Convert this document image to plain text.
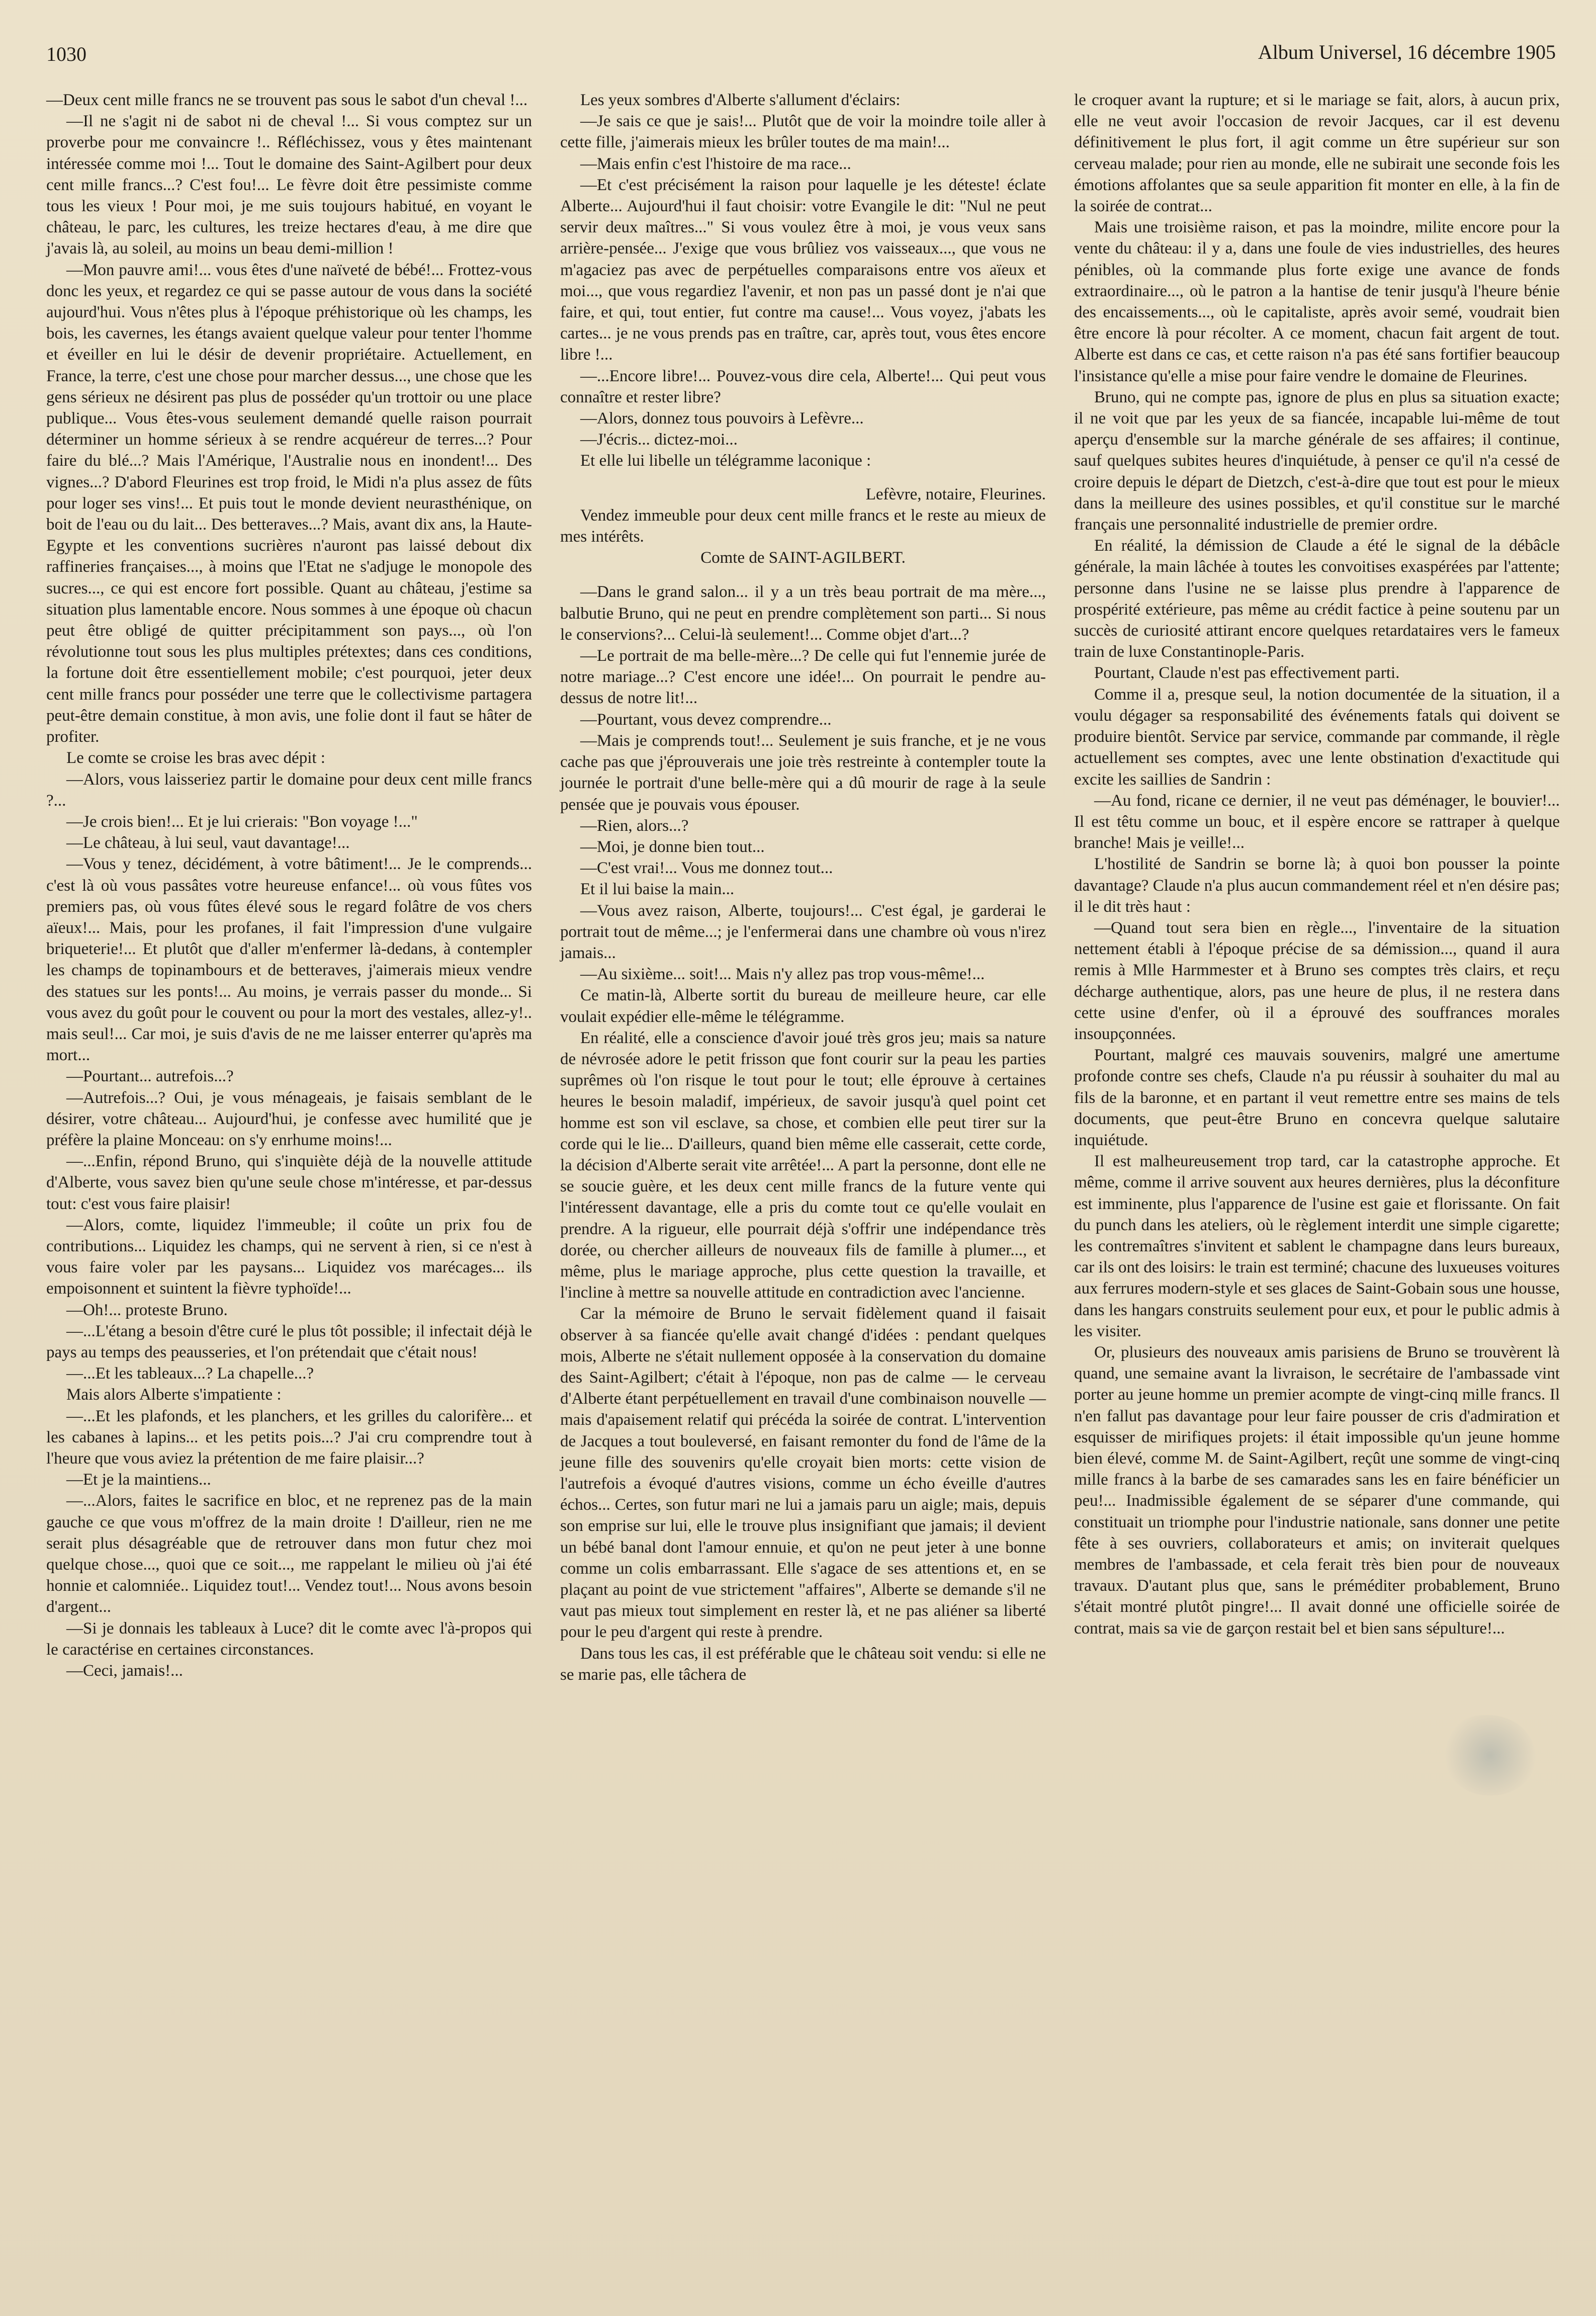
1030	Album Universel, 16 décembre 1905

—Deux cent mille francs ne se trouvent pas sous le sabot d'un cheval !...

—Il ne s'agit ni de sabot ni de cheval !... Si vous comptez sur un proverbe pour me convaincre !.. Réfléchissez, vous y êtes maintenant intéressée comme moi !... Tout le domaine des Saint-Agilbert pour deux cent mille francs...? C'est fou!... Le fèvre doit être pessimiste comme tous les vieux ! Pour moi, je me suis toujours habitué, en voyant le château, le parc, les cultures, les treize hectares d'eau, à me dire que j'avais là, au soleil, au moins un beau demi-million !

—Mon pauvre ami!... vous êtes d'une naïveté de bébé!... Frottez-vous donc les yeux, et regardez ce qui se passe autour de vous dans la société aujourd'hui. Vous n'êtes plus à l'époque préhistorique où les champs, les bois, les cavernes, les étangs avaient quelque valeur pour tenter l'homme et éveiller en lui le désir de devenir propriétaire. Actuellement, en France, la terre, c'est une chose pour marcher dessus..., une chose que les gens sérieux ne désirent pas plus de posséder qu'un trottoir ou une place publique... Vous êtes-vous seulement demandé quelle raison pourrait déterminer un homme sérieux à se rendre acquéreur de terres...? Pour faire du blé...? Mais l'Amérique, l'Australie nous en inondent!... Des vignes...? D'abord Fleurines est trop froid, le Midi n'a plus assez de fûts pour loger ses vins!... Et puis tout le monde devient neurasthénique, on boit de l'eau ou du lait... Des betteraves...? Mais, avant dix ans, la Haute-Egypte et les conventions sucrières n'auront pas laissé debout dix raffineries françaises..., à moins que l'Etat ne s'adjuge le monopole des sucres..., ce qui est encore fort possible. Quant au château, j'estime sa situation plus lamentable encore. Nous sommes à une époque où chacun peut être obligé de quitter précipitamment son pays..., où l'on révolutionne tout sous les plus multiples prétextes; dans ces conditions, la fortune doit être essentiellement mobile; c'est pourquoi, jeter deux cent mille francs pour posséder une terre que le collectivisme partagera peut-être demain constitue, à mon avis, une folie dont il faut se hâter de profiter.

Le comte se croise les bras avec dépit :

—Alors, vous laisseriez partir le domaine pour deux cent mille francs ?...

—Je crois bien!... Et je lui crierais: "Bon voyage !..."

—Le château, à lui seul, vaut davantage!...

—Vous y tenez, décidément, à votre bâtiment!... Je le comprends... c'est là où vous passâtes votre heureuse enfance!... où vous fûtes vos premiers pas, où vous fûtes élevé sous le regard folâtre de vos chers aïeux!... Mais, pour les profanes, il fait l'impression d'une vulgaire briqueterie!... Et plutôt que d'aller m'enfermer là-dedans, à contempler les champs de topinambours et de betteraves, j'aimerais mieux vendre des statues sur les ponts!... Au moins, je verrais passer du monde... Si vous avez du goût pour le couvent ou pour la mort des vestales, allez-y!.. mais seul!... Car moi, je suis d'avis de ne me laisser enterrer qu'après ma mort...

—Pourtant... autrefois...?

—Autrefois...? Oui, je vous ménageais, je faisais semblant de le désirer, votre château... Aujourd'hui, je confesse avec humilité que je préfère la plaine Monceau: on s'y enrhume moins!...

—...Enfin, répond Bruno, qui s'inquiète déjà de la nouvelle attitude d'Alberte, vous savez bien qu'une seule chose m'intéresse, et par-dessus tout: c'est vous faire plaisir!

—Alors, comte, liquidez l'immeuble; il coûte un prix fou de contributions... Liquidez les champs, qui ne servent à rien, si ce n'est à vous faire voler par les paysans... Liquidez vos marécages... ils empoisonnent et suintent la fièvre typhoïde!...

—Oh!... proteste Bruno.

—...L'étang a besoin d'être curé le plus tôt possible; il infectait déjà le pays au temps des peausseries, et l'on prétendait que c'était nous!

—...Et les tableaux...? La chapelle...?

Mais alors Alberte s'impatiente :

—...Et les plafonds, et les planchers, et les grilles du calorifère... et les cabanes à lapins... et les petits pois...? J'ai cru comprendre tout à l'heure que vous aviez la prétention de me faire plaisir...?

—Et je la maintiens...

—...Alors, faites le sacrifice en bloc, et ne reprenez pas de la main gauche ce que vous m'offrez de la main droite ! D'ailleur, rien ne me serait plus désagréable que de retrouver dans mon futur chez moi quelque chose..., quoi que ce soit..., me rappelant le milieu où j'ai été honnie et calomniée.. Liquidez tout!... Vendez tout!... Nous avons besoin d'argent...

—Si je donnais les tableaux à Luce? dit le comte avec l'à-propos qui le caractérise en certaines circonstances.

—Ceci, jamais!...

Les yeux sombres d'Alberte s'allument d'éclairs:

—Je sais ce que je sais!... Plutôt que de voir la moindre toile aller à cette fille, j'aimerais mieux les brûler toutes de ma main!...

—Mais enfin c'est l'histoire de ma race...

—Et c'est précisément la raison pour laquelle je les déteste! éclate Alberte... Aujourd'hui il faut choisir: votre Evangile le dit: "Nul ne peut servir deux maîtres..." Si vous voulez être à moi, je vous veux sans arrière-pensée... J'exige que vous brûliez vos vaisseaux..., que vous ne m'agaciez pas avec de perpétuelles comparaisons entre vos aïeux et moi..., que vous regardiez l'avenir, et non pas un passé dont je n'ai que faire, et qui, tout entier, fut contre ma cause!... Vous voyez, j'abats les cartes... je ne vous prends pas en traître, car, après tout, vous êtes encore libre !...

—...Encore libre!... Pouvez-vous dire cela, Alberte!... Qui peut vous connaître et rester libre?

—Alors, donnez tous pouvoirs à Lefèvre...

—J'écris... dictez-moi...

Et elle lui libelle un télégramme laconique :

Lefèvre, notaire, Fleurines.

Vendez immeuble pour deux cent mille francs et le reste au mieux de mes intérêts.

Comte de SAINT-AGILBERT.

—Dans le grand salon... il y a un très beau portrait de ma mère..., balbutie Bruno, qui ne peut en prendre complètement son parti... Si nous le conservions?... Celui-là seulement!... Comme objet d'art...?

—Le portrait de ma belle-mère...? De celle qui fut l'ennemie jurée de notre mariage...? C'est encore une idée!... On pourrait le pendre au-dessus de notre lit!...

—Pourtant, vous devez comprendre...

—Mais je comprends tout!... Seulement je suis franche, et je ne vous cache pas que j'éprouverais une joie très restreinte à contempler toute la journée le portrait d'une belle-mère qui a dû mourir de rage à la seule pensée que je pouvais vous épouser.

—Rien, alors...?

—Moi, je donne bien tout...

—C'est vrai!... Vous me donnez tout...

Et il lui baise la main...

—Vous avez raison, Alberte, toujours!... C'est égal, je garderai le portrait tout de même...; je l'enfermerai dans une chambre où vous n'irez jamais...

—Au sixième... soit!... Mais n'y allez pas trop vous-même!...

Ce matin-là, Alberte sortit du bureau de meilleure heure, car elle voulait expédier elle-même le télégramme.

En réalité, elle a conscience d'avoir joué très gros jeu; mais sa nature de névrosée adore le petit frisson que font courir sur la peau les parties suprêmes où l'on risque le tout pour le tout; elle éprouve à certaines heures le besoin maladif, impérieux, de savoir jusqu'à quel point cet homme est son vil esclave, sa chose, et combien elle peut tirer sur la corde qui le lie... D'ailleurs, quand bien même elle casserait, cette corde, la décision d'Alberte serait vite arrêtée!... A part la personne, dont elle ne se soucie guère, et les deux cent mille francs de la future vente qui l'intéressent davantage, elle a pris du comte tout ce qu'elle voulait en prendre. A la rigueur, elle pourrait déjà s'offrir une indépendance très dorée, ou chercher ailleurs de nouveaux fils de famille à plumer..., et même, plus le mariage approche, plus cette question la travaille, et l'incline à mettre sa nouvelle attitude en contradiction avec l'ancienne.

Car la mémoire de Bruno le servait fidèlement quand il faisait observer à sa fiancée qu'elle avait changé d'idées : pendant quelques mois, Alberte ne s'était nullement opposée à la conservation du domaine des Saint-Agilbert; c'était à l'époque, non pas de calme — le cerveau d'Alberte étant perpétuellement en travail d'une combinaison nouvelle — mais d'apaisement relatif qui précéda la soirée de contrat. L'intervention de Jacques a tout bouleversé, en faisant remonter du fond de l'âme de la jeune fille des souvenirs qu'elle croyait bien morts: cette vision de l'autrefois a évoqué d'autres visions, comme un écho éveille d'autres échos... Certes, son futur mari ne lui a jamais paru un aigle; mais, depuis son emprise sur lui, elle le trouve plus insignifiant que jamais; il devient un bébé banal dont l'amour ennuie, et qu'on ne peut jeter à une bonne comme un colis embarrassant. Elle s'agace de ses attentions et, en se plaçant au point de vue strictement "affaires", Alberte se demande s'il ne vaut pas mieux tout simplement en rester là, et ne pas aliéner sa liberté pour le peu d'argent qui reste à prendre.

Dans tous les cas, il est préférable que le château soit vendu: si elle ne se marie pas, elle tâchera de

le croquer avant la rupture; et si le mariage se fait, alors, à aucun prix, elle ne veut avoir l'occasion de revoir Jacques, car il est devenu définitivement le plus fort, il agit comme un être supérieur sur son cerveau malade; pour rien au monde, elle ne subirait une seconde fois les émotions affolantes que sa seule apparition fit monter en elle, à la fin de la soirée de contrat...

Mais une troisième raison, et pas la moindre, milite encore pour la vente du château: il y a, dans une foule de vies industrielles, des heures pénibles, où la commande plus forte exige une avance de fonds extraordinaire..., où le patron a la hantise de tenir jusqu'à l'heure bénie des encaissements..., où le capitaliste, après avoir semé, voudrait bien être encore là pour récolter. A ce moment, chacun fait argent de tout. Alberte est dans ce cas, et cette raison n'a pas été sans fortifier beaucoup l'insistance qu'elle a mise pour faire vendre le domaine de Fleurines.

Bruno, qui ne compte pas, ignore de plus en plus sa situation exacte; il ne voit que par les yeux de sa fiancée, incapable lui-même de tout aperçu d'ensemble sur la marche générale de ses affaires; il continue, sauf quelques subites heures d'inquiétude, à penser ce qu'il n'a cessé de croire depuis le départ de Dietzch, c'est-à-dire que tout est pour le mieux dans la meilleure des usines possibles, et qu'il constitue sur le marché français une personnalité industrielle de premier ordre.

En réalité, la démission de Claude a été le signal de la débâcle générale, la main lâchée à toutes les convoitises exaspérées par l'attente; personne dans l'usine ne se laisse plus prendre à l'apparence de prospérité extérieure, pas même au crédit factice à peine soutenu par un succès de curiosité attirant encore quelques retardataires vers le fameux train de luxe Constantinople-Paris.

Pourtant, Claude n'est pas effectivement parti.

Comme il a, presque seul, la notion documentée de la situation, il a voulu dégager sa responsabilité des événements fatals qui doivent se produire bientôt. Service par service, commande par commande, il règle actuellement ses comptes, avec une lente obstination d'exactitude qui excite les saillies de Sandrin :

—Au fond, ricane ce dernier, il ne veut pas déménager, le bouvier!... Il est têtu comme un bouc, et il espère encore se rattraper à quelque branche! Mais je veille!...

L'hostilité de Sandrin se borne là; à quoi bon pousser la pointe davantage? Claude n'a plus aucun commandement réel et n'en désire pas; il le dit très haut :

—Quand tout sera bien en règle..., l'inventaire de la situation nettement établi à l'époque précise de sa démission..., quand il aura remis à Mlle Harmmester et à Bruno ses comptes très clairs, et reçu décharge authentique, alors, pas une heure de plus, il ne restera dans cette usine d'enfer, où il a éprouvé des souffrances morales insoupçonnées.

Pourtant, malgré ces mauvais souvenirs, malgré une amertume profonde contre ses chefs, Claude n'a pu réussir à souhaiter du mal au fils de la baronne, et en partant il veut remettre entre ses mains de tels documents, que peut-être Bruno en concevra quelque salutaire inquiétude.

Il est malheureusement trop tard, car la catastrophe approche. Et même, comme il arrive souvent aux heures dernières, plus la déconfiture est imminente, plus l'apparence de l'usine est gaie et florissante. On fait du punch dans les ateliers, où le règlement interdit une simple cigarette; les contremaîtres s'invitent et sablent le champagne dans leurs bureaux, car ils ont des loisirs: le train est terminé; chacune des luxueuses voitures aux ferrures modern-style et ses glaces de Saint-Gobain sous une housse, dans les hangars construits seulement pour eux, et pour le public admis à les visiter.

Or, plusieurs des nouveaux amis parisiens de Bruno se trouvèrent là quand, une semaine avant la livraison, le secrétaire de l'ambassade vint porter au jeune homme un premier acompte de vingt-cinq mille francs. Il n'en fallut pas davantage pour leur faire pousser de cris d'admiration et esquisser de mirifiques projets: il était impossible qu'un jeune homme bien élevé, comme M. de Saint-Agilbert, reçût une somme de vingt-cinq mille francs à la barbe de ses camarades sans les en faire bénéficier un peu!... Inadmissible également de se séparer d'une commande, qui constituait un triomphe pour l'industrie nationale, sans donner une petite fête à ses ouvriers, collaborateurs et amis; on inviterait quelques membres de l'ambassade, et cela ferait très bien pour de nouveaux travaux. D'autant plus que, sans le préméditer probablement, Bruno s'était montré plutôt pingre!... Il avait donné une officielle soirée de contrat, mais sa vie de garçon restait bel et bien sans sépulture!...
